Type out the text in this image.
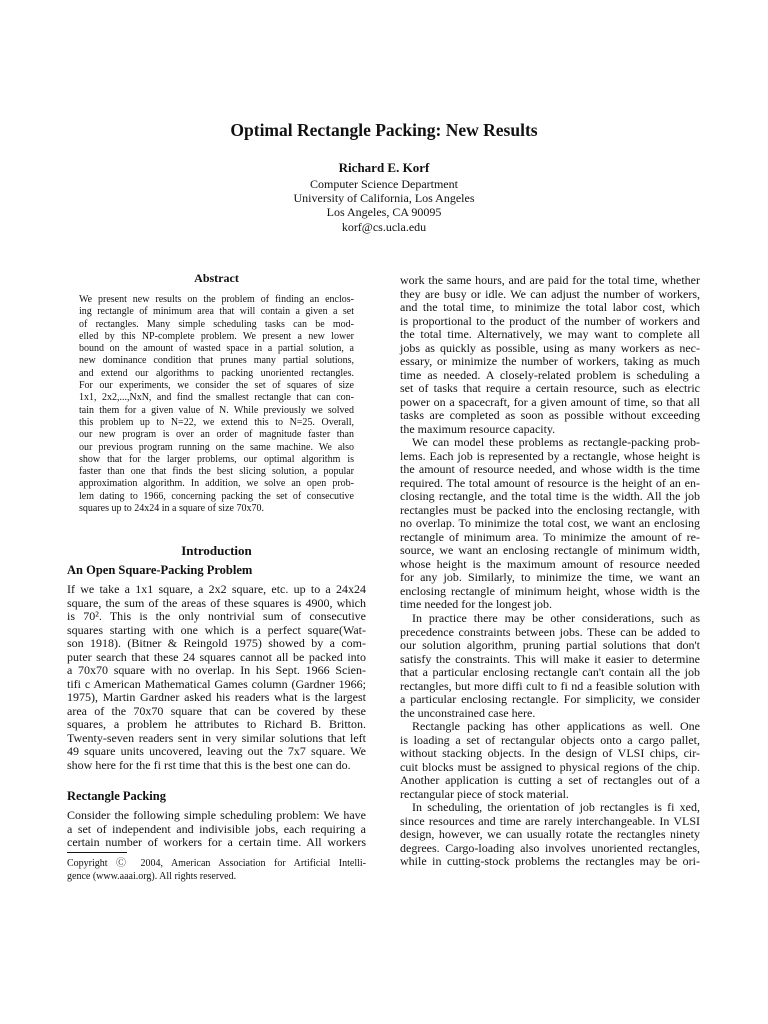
Optimal Rectangle Packing: New Results
Richard E. Korf
Computer Science Department
University of California, Los Angeles
Los Angeles, CA 90095
korf@cs.ucla.edu
Abstract
We present new results on the problem of finding an enclos-
ing rectangle of minimum area that will contain a given a set
of rectangles. Many simple scheduling tasks can be mod-
elled by this NP-complete problem. We present a new lower
bound on the amount of wasted space in a partial solution, a
new dominance condition that prunes many partial solutions,
and extend our algorithms to packing unoriented rectangles.
For our experiments, we consider the set of squares of size
1x1, 2x2,...,NxN, and find the smallest rectangle that can con-
tain them for a given value of N. While previously we solved
this problem up to N=22, we extend this to N=25. Overall,
our new program is over an order of magnitude faster than
our previous program running on the same machine. We also
show that for the larger problems, our optimal algorithm is
faster than one that finds the best slicing solution, a popular
approximation algorithm. In addition, we solve an open prob-
lem dating to 1966, concerning packing the set of consecutive
squares up to 24x24 in a square of size 70x70.
Introduction
An Open Square-Packing Problem
If we take a 1x1 square, a 2x2 square, etc. up to a 24x24
square, the sum of the areas of these squares is 4900, which
is 70². This is the only nontrivial sum of consecutive
squares starting with one which is a perfect square(Wat-
son 1918). (Bitner & Reingold 1975) showed by a com-
puter search that these 24 squares cannot all be packed into
a 70x70 square with no overlap. In his Sept. 1966 Scien-
tifi c American Mathematical Games column (Gardner 1966;
1975), Martin Gardner asked his readers what is the largest
area of the 70x70 square that can be covered by these
squares, a problem he attributes to Richard B. Britton.
Twenty-seven readers sent in very similar solutions that left
49 square units uncovered, leaving out the 7x7 square. We
show here for the fi rst time that this is the best one can do.
Rectangle Packing
Consider the following simple scheduling problem: We have
a set of independent and indivisible jobs, each requiring a
certain number of workers for a certain time. All workers
Copyright Ⓒ 2004, American Association for Artificial Intelli-
gence (www.aaai.org). All rights reserved.
work the same hours, and are paid for the total time, whether
they are busy or idle. We can adjust the number of workers,
and the total time, to minimize the total labor cost, which
is proportional to the product of the number of workers and
the total time. Alternatively, we may want to complete all
jobs as quickly as possible, using as many workers as nec-
essary, or minimize the number of workers, taking as much
time as needed. A closely-related problem is scheduling a
set of tasks that require a certain resource, such as electric
power on a spacecraft, for a given amount of time, so that all
tasks are completed as soon as possible without exceeding
the maximum resource capacity.
We can model these problems as rectangle-packing prob-
lems. Each job is represented by a rectangle, whose height is
the amount of resource needed, and whose width is the time
required. The total amount of resource is the height of an en-
closing rectangle, and the total time is the width. All the job
rectangles must be packed into the enclosing rectangle, with
no overlap. To minimize the total cost, we want an enclosing
rectangle of minimum area. To minimize the amount of re-
source, we want an enclosing rectangle of minimum width,
whose height is the maximum amount of resource needed
for any job. Similarly, to minimize the time, we want an
enclosing rectangle of minimum height, whose width is the
time needed for the longest job.
In practice there may be other considerations, such as
precedence constraints between jobs. These can be added to
our solution algorithm, pruning partial solutions that don't
satisfy the constraints. This will make it easier to determine
that a particular enclosing rectangle can't contain all the job
rectangles, but more diffi cult to fi nd a feasible solution with
a particular enclosing rectangle. For simplicity, we consider
the unconstrained case here.
Rectangle packing has other applications as well. One
is loading a set of rectangular objects onto a cargo pallet,
without stacking objects. In the design of VLSI chips, cir-
cuit blocks must be assigned to physical regions of the chip.
Another application is cutting a set of rectangles out of a
rectangular piece of stock material.
In scheduling, the orientation of job rectangles is fi xed,
since resources and time are rarely interchangeable. In VLSI
design, however, we can usually rotate the rectangles ninety
degrees. Cargo-loading also involves unoriented rectangles,
while in cutting-stock problems the rectangles may be ori-
